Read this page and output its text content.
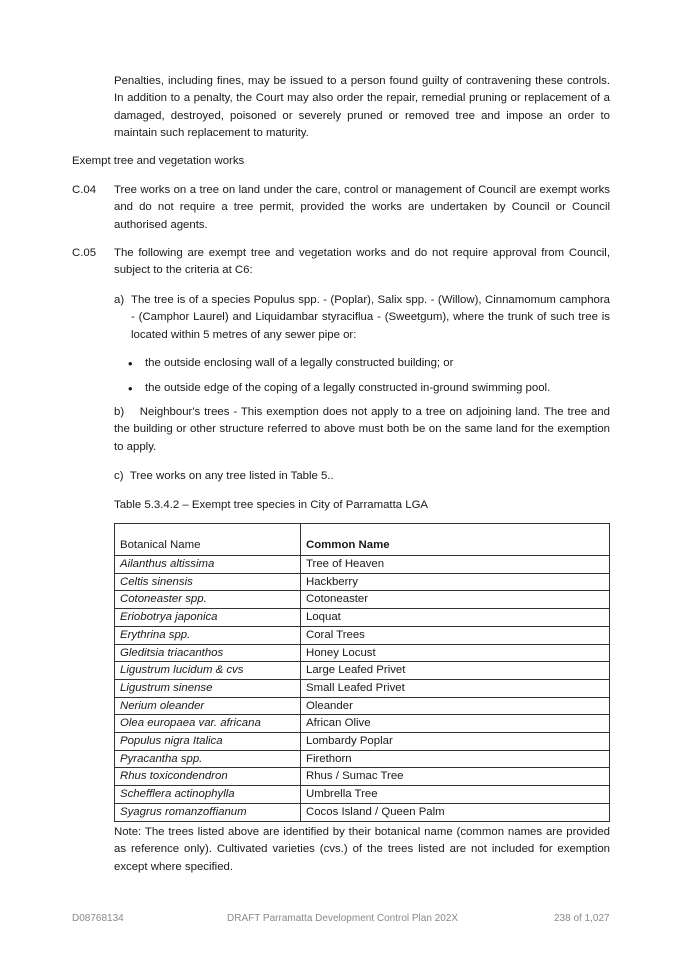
Penalties, including fines, may be issued to a person found guilty of contravening these controls. In addition to a penalty, the Court may also order the repair, remedial pruning or replacement of a damaged, destroyed, poisoned or severely pruned or removed tree and impose an order to maintain such replacement to maturity.
Exempt tree and vegetation works
C.04	Tree works on a tree on land under the care, control or management of Council are exempt works and do not require a tree permit, provided the works are undertaken by Council or Council authorised agents.
C.05	The following are exempt tree and vegetation works and do not require approval from Council, subject to the criteria at C6:
a) The tree is of a species Populus spp. - (Poplar), Salix spp. - (Willow), Cinnamomum camphora - (Camphor Laurel) and Liquidambar styraciflua - (Sweetgum), where the trunk of such tree is located within 5 metres of any sewer pipe or:
• the outside enclosing wall of a legally constructed building; or
• the outside edge of the coping of a legally constructed in-ground swimming pool.
b) Neighbour's trees - This exemption does not apply to a tree on adjoining land. The tree and the building or other structure referred to above must both be on the same land for the exemption to apply.
c) Tree works on any tree listed in Table 5..
Table 5.3.4.2 – Exempt tree species in City of Parramatta LGA
Botanical Name	Common Name
Ailanthus altissima	Tree of Heaven
Celtis sinensis	Hackberry
Cotoneaster spp.	Cotoneaster
Eriobotrya japonica	Loquat
Erythrina spp.	Coral Trees
Gleditsia triacanthos	Honey Locust
Ligustrum lucidum & cvs	Large Leafed Privet
Ligustrum sinense	Small Leafed Privet
Nerium oleander	Oleander
Olea europaea var. africana	African Olive
Populus nigra Italica	Lombardy Poplar
Pyracantha spp.	Firethorn
Rhus toxicondendron	Rhus / Sumac Tree
Schefflera actinophylla	Umbrella Tree
Syagrus romanzoffianum	Cocos Island / Queen Palm
Note: The trees listed above are identified by their botanical name (common names are provided as reference only). Cultivated varieties (cvs.) of the trees listed are not included for exemption except where specified.
D08768134	DRAFT Parramatta Development Control Plan 202X	238 of 1,027
